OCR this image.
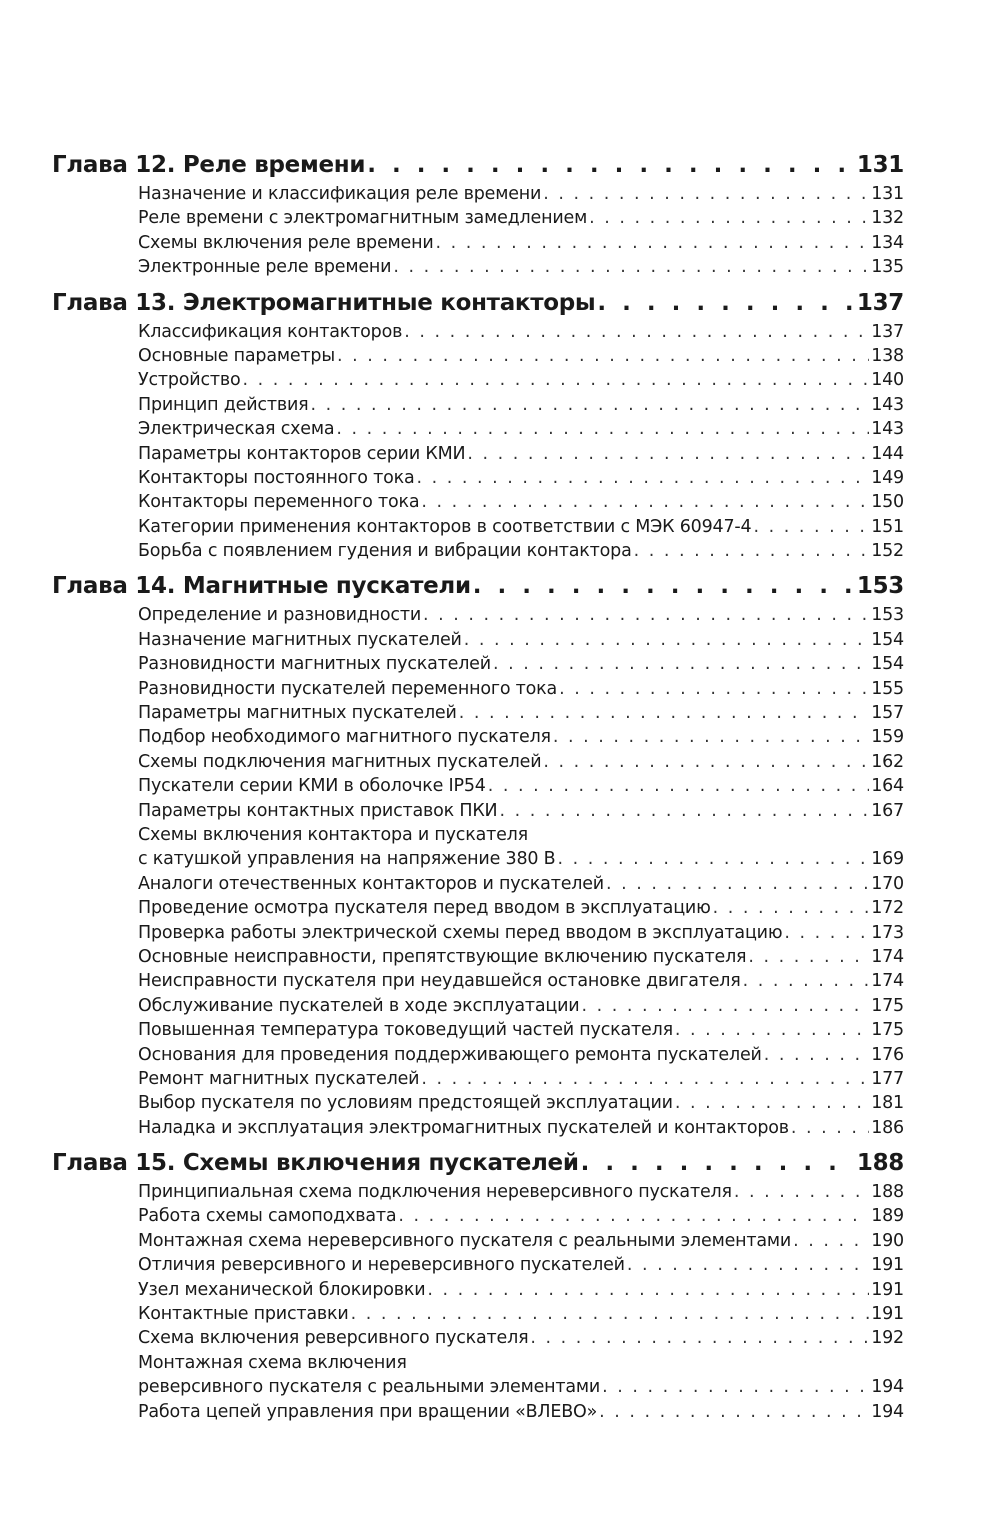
Глава 12. Реле времени . . .	131
Назначение и классификация реле времени . . .	131
Реле времени с электромагнитным замедлением . . .	132
Схемы включения реле времени . . .	134
Электронные реле времени . . .	135
Глава 13. Электромагнитные контакторы . . .	137
Классификация контакторов . . .	137
Основные параметры . . .	138
Устройство . . .	140
Принцип действия . . .	143
Электрическая схема . . .	143
Параметры контакторов серии КМИ . . .	144
Контакторы постоянного тока . . .	149
Контакторы переменного тока . . .	150
Категории применения контакторов в соответствии с МЭК 60947-4 . . .	151
Борьба с появлением гудения и вибрации контактора . . .	152
Глава 14. Магнитные пускатели . . .	153
Определение и разновидности . . .	153
Назначение магнитных пускателей . . .	154
Разновидности магнитных пускателей . . .	154
Разновидности пускателей переменного тока . . .	155
Параметры магнитных пускателей . . .	157
Подбор необходимого магнитного пускателя . . .	159
Схемы подключения магнитных пускателей . . .	162
Пускатели серии КМИ в оболочке IP54 . . .	164
Параметры контактных приставок ПКИ . . .	167
Схемы включения контактора и пускателя
с катушкой управления на напряжение 380 В . . .	169
Аналоги отечественных контакторов и пускателей . . .	170
Проведение осмотра пускателя перед вводом в эксплуатацию . . .	172
Проверка работы электрической схемы перед вводом в эксплуатацию . . .	173
Основные неисправности, препятствующие включению пускателя . . .	174
Неисправности пускателя при неудавшейся остановке двигателя . . .	174
Обслуживание пускателей в ходе эксплуатации . . .	175
Повышенная температура токоведущий частей пускателя . . .	175
Основания для проведения поддерживающего ремонта пускателей . . .	176
Ремонт магнитных пускателей . . .	177
Выбор пускателя по условиям предстоящей эксплуатации . . .	181
Наладка и эксплуатация электромагнитных пускателей и контакторов . . .	186
Глава 15. Схемы включения пускателей . . .	188
Принципиальная схема подключения нереверсивного пускателя . . .	188
Работа схемы самоподхвата . . .	189
Монтажная схема нереверсивного пускателя с реальными элементами . . .	190
Отличия реверсивного и нереверсивного пускателей . . .	191
Узел механической блокировки . . .	191
Контактные приставки . . .	191
Схема включения реверсивного пускателя . . .	192
Монтажная схема включения
реверсивного пускателя с реальными элементами . . .	194
Работа цепей управления при вращении «ВЛЕВО» . . .	194
